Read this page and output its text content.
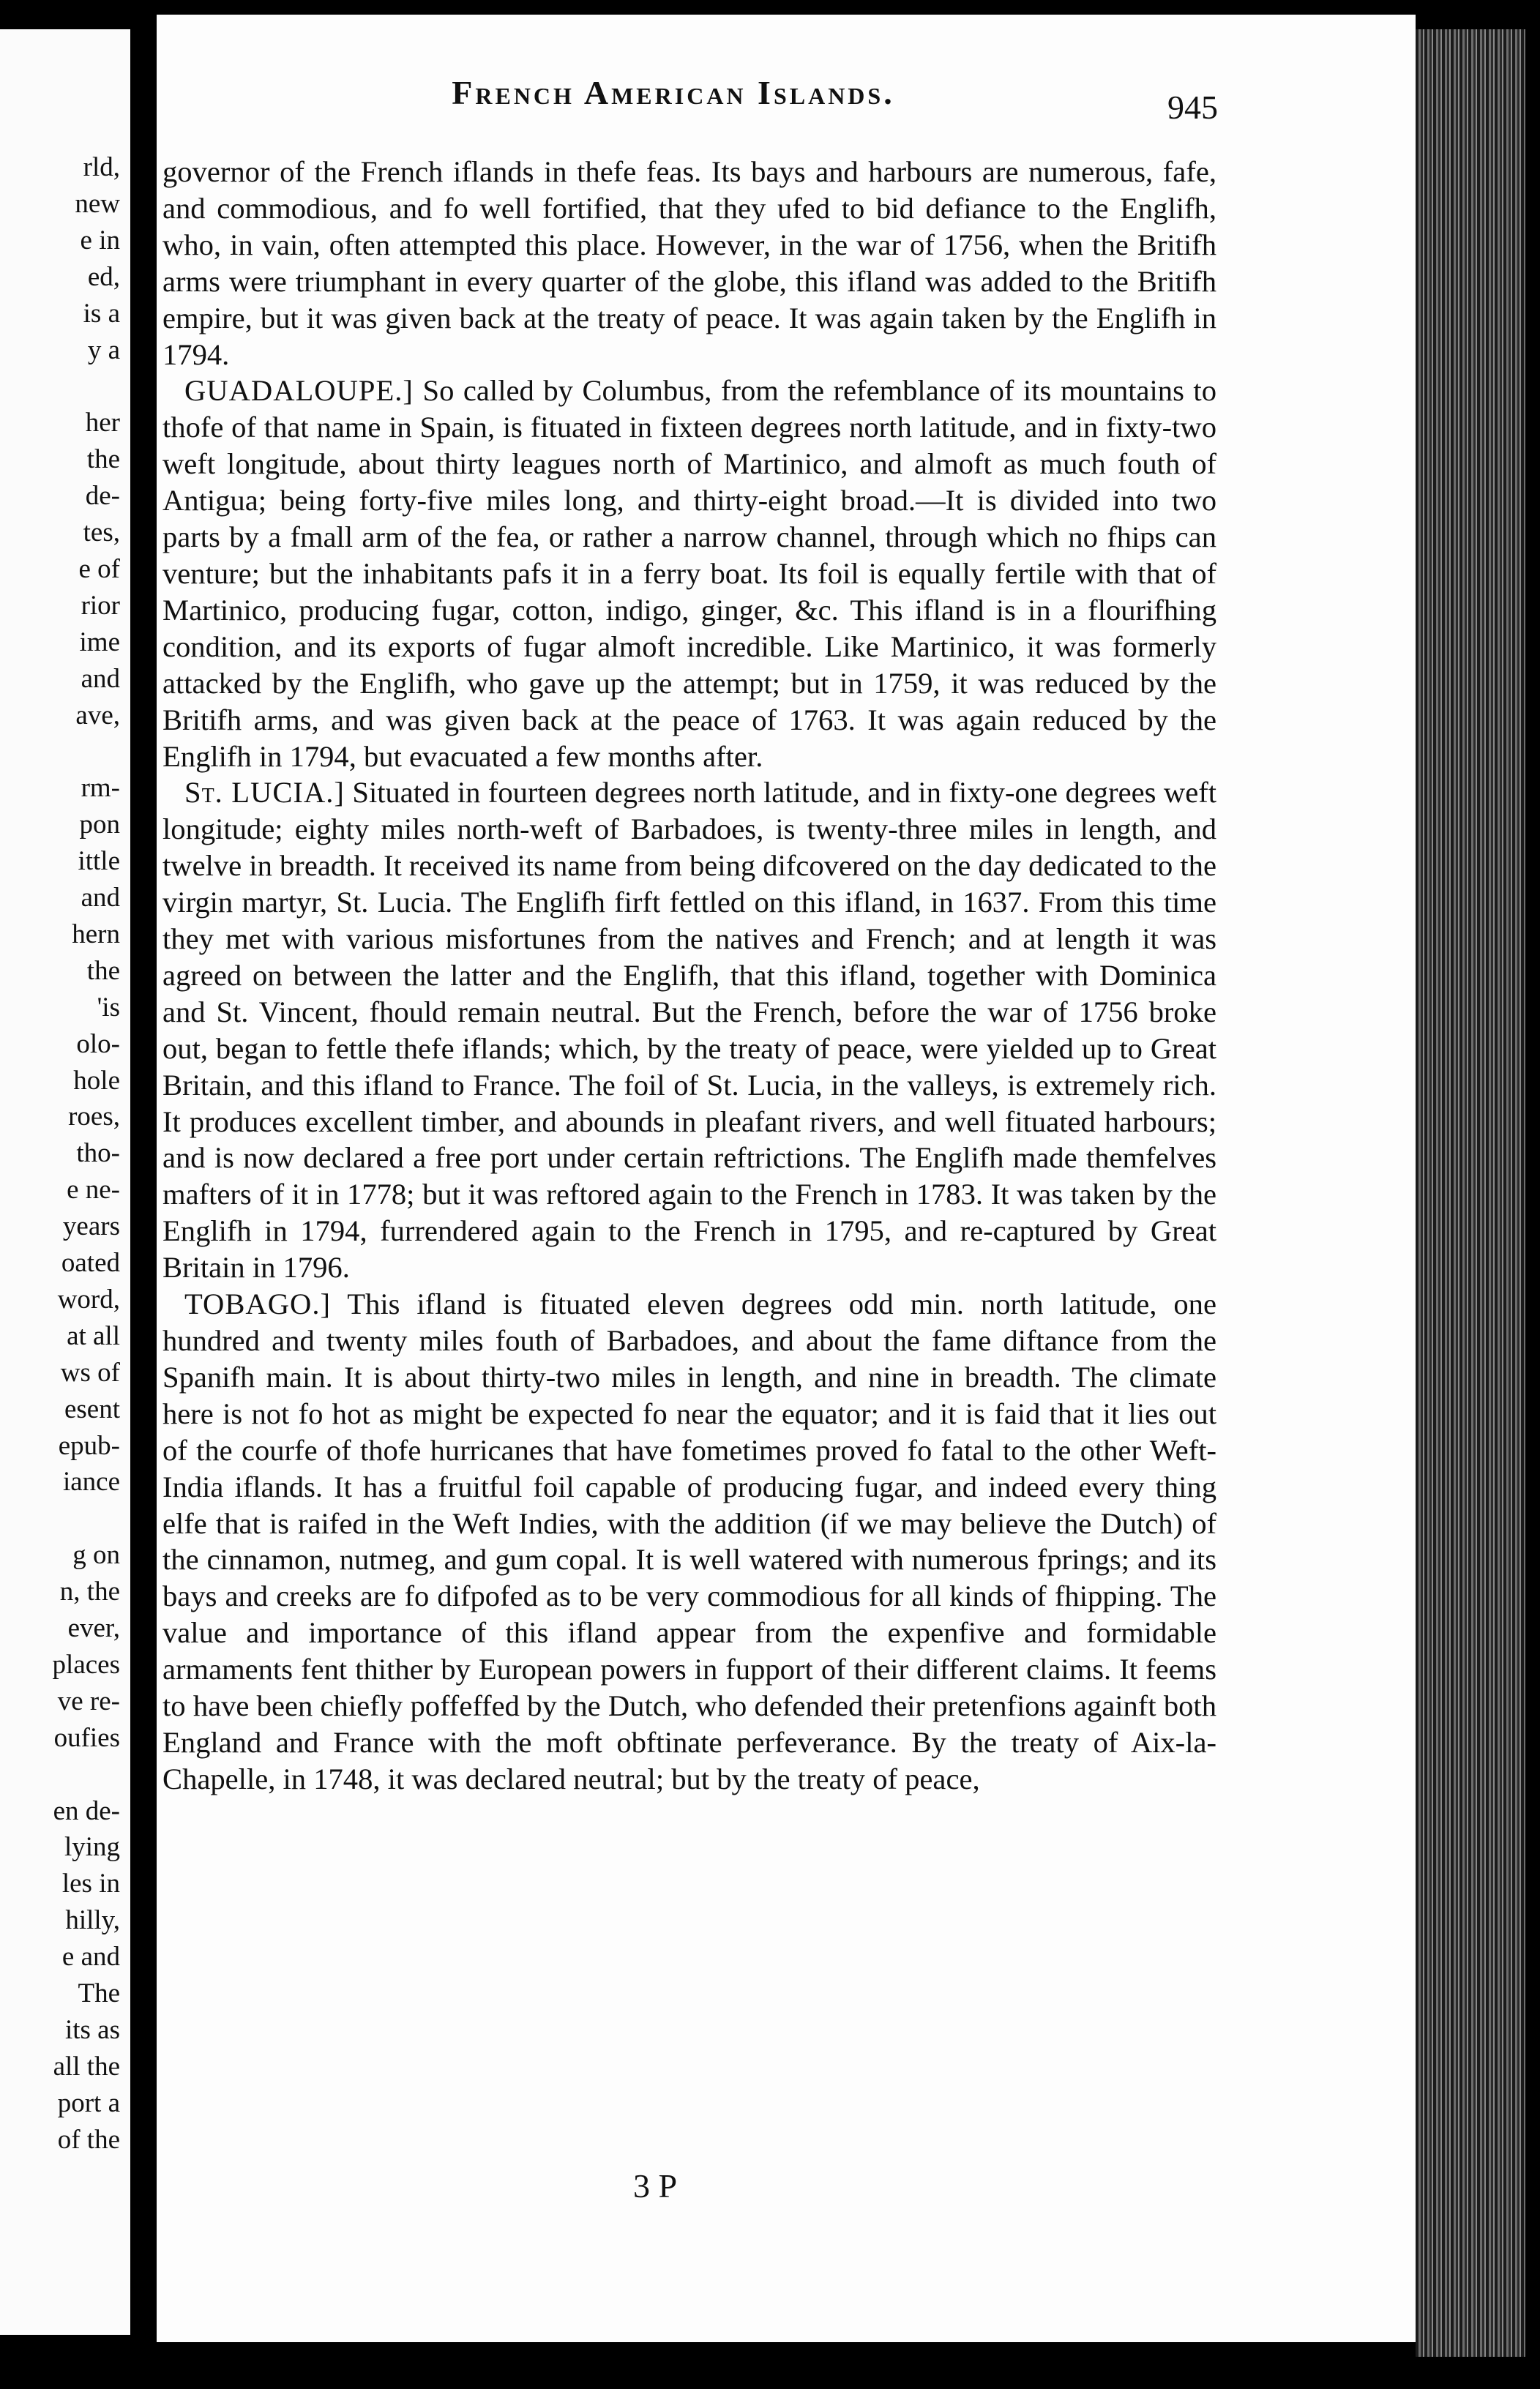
rld,
new
e in
ed,
is a
y a
her
the
de-
tes,
e of
rior
ime
and
ave,
rm-
pon
ittle
and
hern
the
'is
olo-
hole
roes,
tho-
e ne-
years
oated
word,
at all
ws of
esent
epub-
iance
g on
n, the
ever,
places
ve re-
oufies
en de-
lying
les in
hilly,
e and
The
its as
all the
port a
of the
French American Islands.	945

governor of the French iflands in thefe feas. Its bays and harbours are numerous, fafe, and commodious, and fo well fortified, that they ufed to bid defiance to the Englifh, who, in vain, often attempted this place. However, in the war of 1756, when the Britifh arms were triumphant in every quarter of the globe, this ifland was added to the Britifh empire, but it was given back at the treaty of peace. It was again taken by the Englifh in 1794.

GUADALOUPE.] So called by Columbus, from the refemblance of its mountains to thofe of that name in Spain, is fituated in fixteen degrees north latitude, and in fixty-two weft longitude, about thirty leagues north of Martinico, and almoft as much fouth of Antigua; being forty-five miles long, and thirty-eight broad.—It is divided into two parts by a fmall arm of the fea, or rather a narrow channel, through which no fhips can venture; but the inhabitants pafs it in a ferry boat. Its foil is equally fertile with that of Martinico, producing fugar, cotton, indigo, ginger, &c. This ifland is in a flourifhing condition, and its exports of fugar almoft incredible. Like Martinico, it was formerly attacked by the Englifh, who gave up the attempt; but in 1759, it was reduced by the Britifh arms, and was given back at the peace of 1763. It was again reduced by the Englifh in 1794, but evacuated a few months after.

St. LUCIA.] Situated in fourteen degrees north latitude, and in fixty-one degrees weft longitude; eighty miles north-weft of Barbadoes, is twenty-three miles in length, and twelve in breadth. It received its name from being difcovered on the day dedicated to the virgin martyr, St. Lucia. The Englifh firft fettled on this ifland, in 1637. From this time they met with various misfortunes from the natives and French; and at length it was agreed on between the latter and the Englifh, that this ifland, together with Dominica and St. Vincent, fhould remain neutral. But the French, before the war of 1756 broke out, began to fettle thefe iflands; which, by the treaty of peace, were yielded up to Great Britain, and this ifland to France. The foil of St. Lucia, in the valleys, is extremely rich. It produces excellent timber, and abounds in pleafant rivers, and well fituated harbours; and is now declared a free port under certain reftrictions. The Englifh made themfelves mafters of it in 1778; but it was reftored again to the French in 1783. It was taken by the Englifh in 1794, furrendered again to the French in 1795, and re-captured by Great Britain in 1796.

TOBAGO.] This ifland is fituated eleven degrees odd min. north latitude, one hundred and twenty miles fouth of Barbadoes, and about the fame diftance from the Spanifh main. It is about thirty-two miles in length, and nine in breadth. The climate here is not fo hot as might be expected fo near the equator; and it is faid that it lies out of the courfe of thofe hurricanes that have fometimes proved fo fatal to the other Weft-India iflands. It has a fruitful foil capable of producing fugar, and indeed every thing elfe that is raifed in the Weft Indies, with the addition (if we may believe the Dutch) of the cinnamon, nutmeg, and gum copal. It is well watered with numerous fprings; and its bays and creeks are fo difpofed as to be very commodious for all kinds of fhipping. The value and importance of this ifland appear from the expenfive and formidable armaments fent thither by European powers in fupport of their different claims. It feems to have been chiefly poffeffed by the Dutch, who defended their pretenfions againft both England and France with the moft obftinate perfeverance. By the treaty of Aix-la-Chapelle, in 1748, it was declared neutral; but by the treaty of peace,

3 P
